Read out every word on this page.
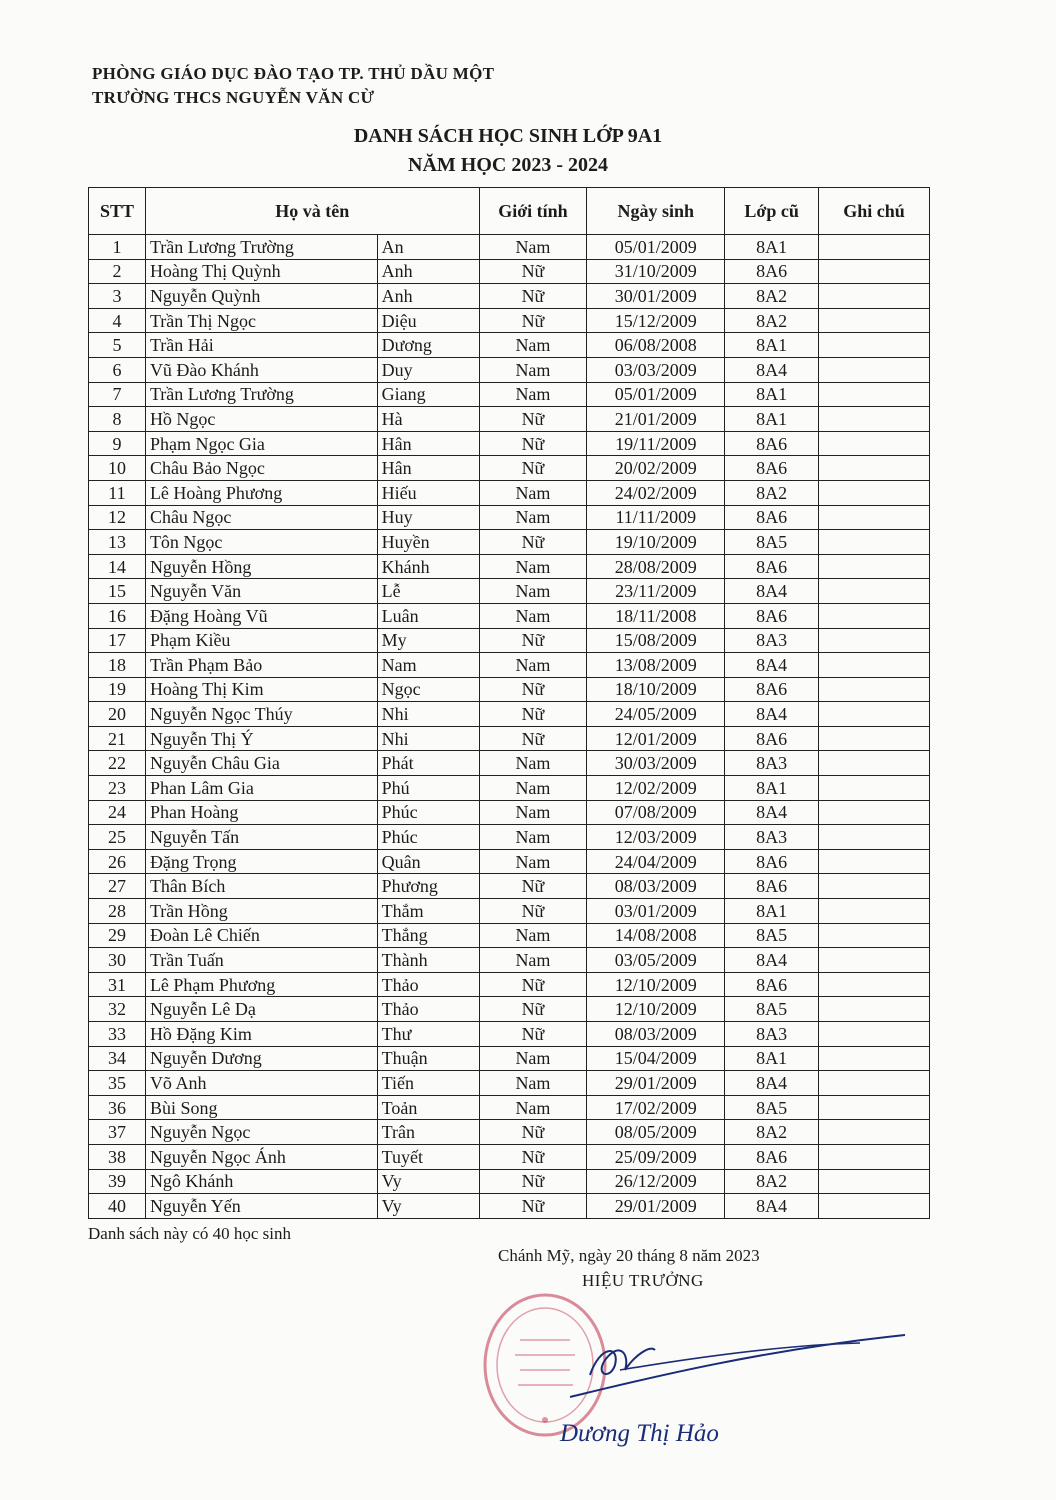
PHÒNG GIÁO DỤC ĐÀO TẠO TP. THỦ DẦU MỘT
TRƯỜNG THCS NGUYỄN VĂN CỪ
DANH SÁCH HỌC SINH LỚP 9A1
NĂM HỌC 2023 - 2024
STT	Họ và tên		Giới tính	Ngày sinh	Lớp cũ	Ghi chú
1	Trần Lương Trường	An	Nam	05/01/2009	8A1	
2	Hoàng Thị Quỳnh	Anh	Nữ	31/10/2009	8A6	
3	Nguyễn Quỳnh	Anh	Nữ	30/01/2009	8A2	
4	Trần Thị Ngọc	Diệu	Nữ	15/12/2009	8A2	
5	Trần Hải	Dương	Nam	06/08/2008	8A1	
6	Vũ Đào Khánh	Duy	Nam	03/03/2009	8A4	
7	Trần Lương Trường	Giang	Nam	05/01/2009	8A1	
8	Hồ Ngọc	Hà	Nữ	21/01/2009	8A1	
9	Phạm Ngọc Gia	Hân	Nữ	19/11/2009	8A6	
10	Châu Bảo Ngọc	Hân	Nữ	20/02/2009	8A6	
11	Lê Hoàng Phương	Hiếu	Nam	24/02/2009	8A2	
12	Châu Ngọc	Huy	Nam	11/11/2009	8A6	
13	Tôn Ngọc	Huyền	Nữ	19/10/2009	8A5	
14	Nguyễn Hồng	Khánh	Nam	28/08/2009	8A6	
15	Nguyễn Văn	Lễ	Nam	23/11/2009	8A4	
16	Đặng Hoàng Vũ	Luân	Nam	18/11/2008	8A6	
17	Phạm Kiều	My	Nữ	15/08/2009	8A3	
18	Trần Phạm Bảo	Nam	Nam	13/08/2009	8A4	
19	Hoàng Thị Kim	Ngọc	Nữ	18/10/2009	8A6	
20	Nguyễn Ngọc Thúy	Nhi	Nữ	24/05/2009	8A4	
21	Nguyễn Thị Ý	Nhi	Nữ	12/01/2009	8A6	
22	Nguyễn Châu Gia	Phát	Nam	30/03/2009	8A3	
23	Phan Lâm Gia	Phú	Nam	12/02/2009	8A1	
24	Phan Hoàng	Phúc	Nam	07/08/2009	8A4	
25	Nguyễn Tấn	Phúc	Nam	12/03/2009	8A3	
26	Đặng Trọng	Quân	Nam	24/04/2009	8A6	
27	Thân Bích	Phương	Nữ	08/03/2009	8A6	
28	Trần Hồng	Thắm	Nữ	03/01/2009	8A1	
29	Đoàn Lê Chiến	Thắng	Nam	14/08/2008	8A5	
30	Trần Tuấn	Thành	Nam	03/05/2009	8A4	
31	Lê Phạm Phương	Thảo	Nữ	12/10/2009	8A6	
32	Nguyễn Lê Dạ	Thảo	Nữ	12/10/2009	8A5	
33	Hồ Đặng Kim	Thư	Nữ	08/03/2009	8A3	
34	Nguyễn Dương	Thuận	Nam	15/04/2009	8A1	
35	Võ Anh	Tiến	Nam	29/01/2009	8A4	
36	Bùi Song	Toản	Nam	17/02/2009	8A5	
37	Nguyễn Ngọc	Trân	Nữ	08/05/2009	8A2	
38	Nguyễn Ngọc Ánh	Tuyết	Nữ	25/09/2009	8A6	
39	Ngô Khánh	Vy	Nữ	26/12/2009	8A2	
40	Nguyễn Yến	Vy	Nữ	29/01/2009	8A4	
Danh sách này có 40 học sinh
Chánh Mỹ, ngày 20 tháng 8 năm 2023
HIỆU TRƯỞNG
Dương Thị Hảo
